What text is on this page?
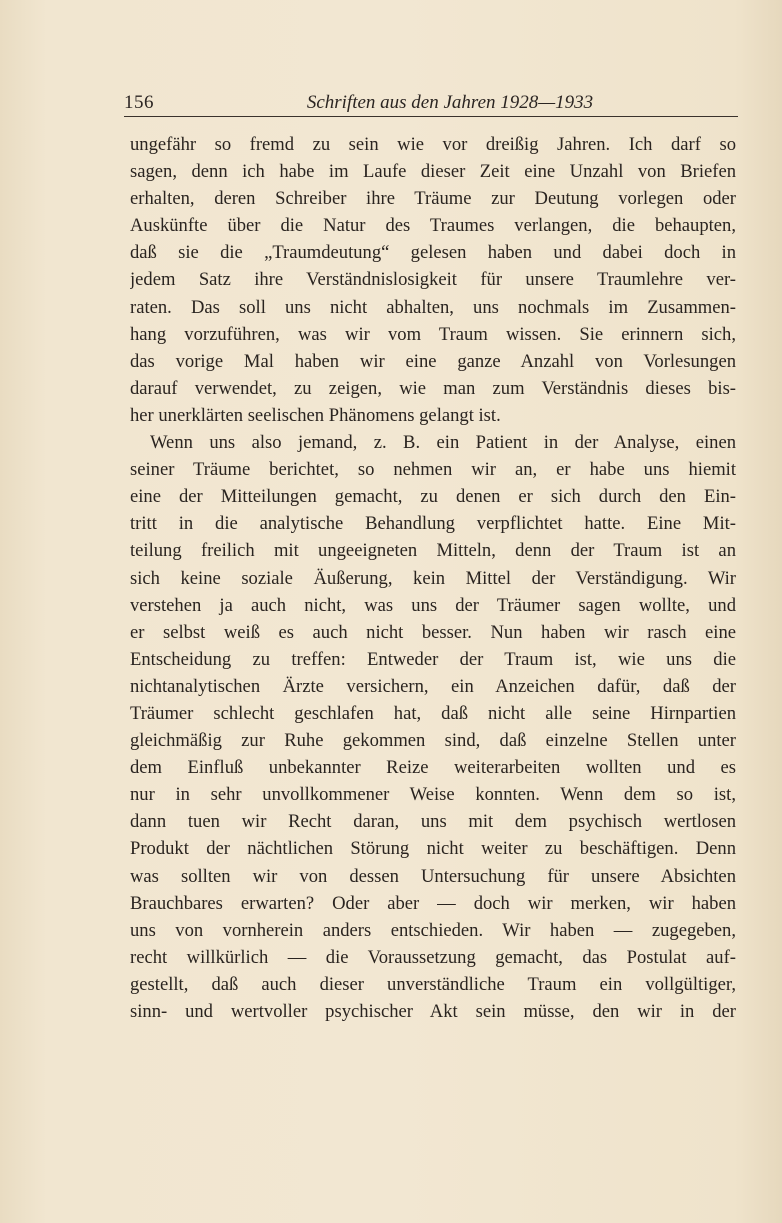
156	Schriften aus den Jahren 1928—1933
ungefähr so fremd zu sein wie vor dreißig Jahren. Ich darf so
sagen, denn ich habe im Laufe dieser Zeit eine Unzahl von Briefen
erhalten, deren Schreiber ihre Träume zur Deutung vorlegen oder
Auskünfte über die Natur des Traumes verlangen, die behaupten,
daß sie die „Traumdeutung“ gelesen haben und dabei doch in
jedem Satz ihre Verständnislosigkeit für unsere Traumlehre ver-
raten. Das soll uns nicht abhalten, uns nochmals im Zusammen-
hang vorzuführen, was wir vom Traum wissen. Sie erinnern sich,
das vorige Mal haben wir eine ganze Anzahl von Vorlesungen
darauf verwendet, zu zeigen, wie man zum Verständnis dieses bis-
her unerklärten seelischen Phänomens gelangt ist.
Wenn uns also jemand, z. B. ein Patient in der Analyse, einen
seiner Träume berichtet, so nehmen wir an, er habe uns hiemit
eine der Mitteilungen gemacht, zu denen er sich durch den Ein-
tritt in die analytische Behandlung verpflichtet hatte. Eine Mit-
teilung freilich mit ungeeigneten Mitteln, denn der Traum ist an
sich keine soziale Äußerung, kein Mittel der Verständigung. Wir
verstehen ja auch nicht, was uns der Träumer sagen wollte, und
er selbst weiß es auch nicht besser. Nun haben wir rasch eine
Entscheidung zu treffen: Entweder der Traum ist, wie uns die
nichtanalytischen Ärzte versichern, ein Anzeichen dafür, daß der
Träumer schlecht geschlafen hat, daß nicht alle seine Hirnpartien
gleichmäßig zur Ruhe gekommen sind, daß einzelne Stellen unter
dem Einfluß unbekannter Reize weiterarbeiten wollten und es
nur in sehr unvollkommener Weise konnten. Wenn dem so ist,
dann tuen wir Recht daran, uns mit dem psychisch wertlosen
Produkt der nächtlichen Störung nicht weiter zu beschäftigen. Denn
was sollten wir von dessen Untersuchung für unsere Absichten
Brauchbares erwarten? Oder aber — doch wir merken, wir haben
uns von vornherein anders entschieden. Wir haben — zugegeben,
recht willkürlich — die Voraussetzung gemacht, das Postulat auf-
gestellt, daß auch dieser unverständliche Traum ein vollgültiger,
sinn- und wertvoller psychischer Akt sein müsse, den wir in der
